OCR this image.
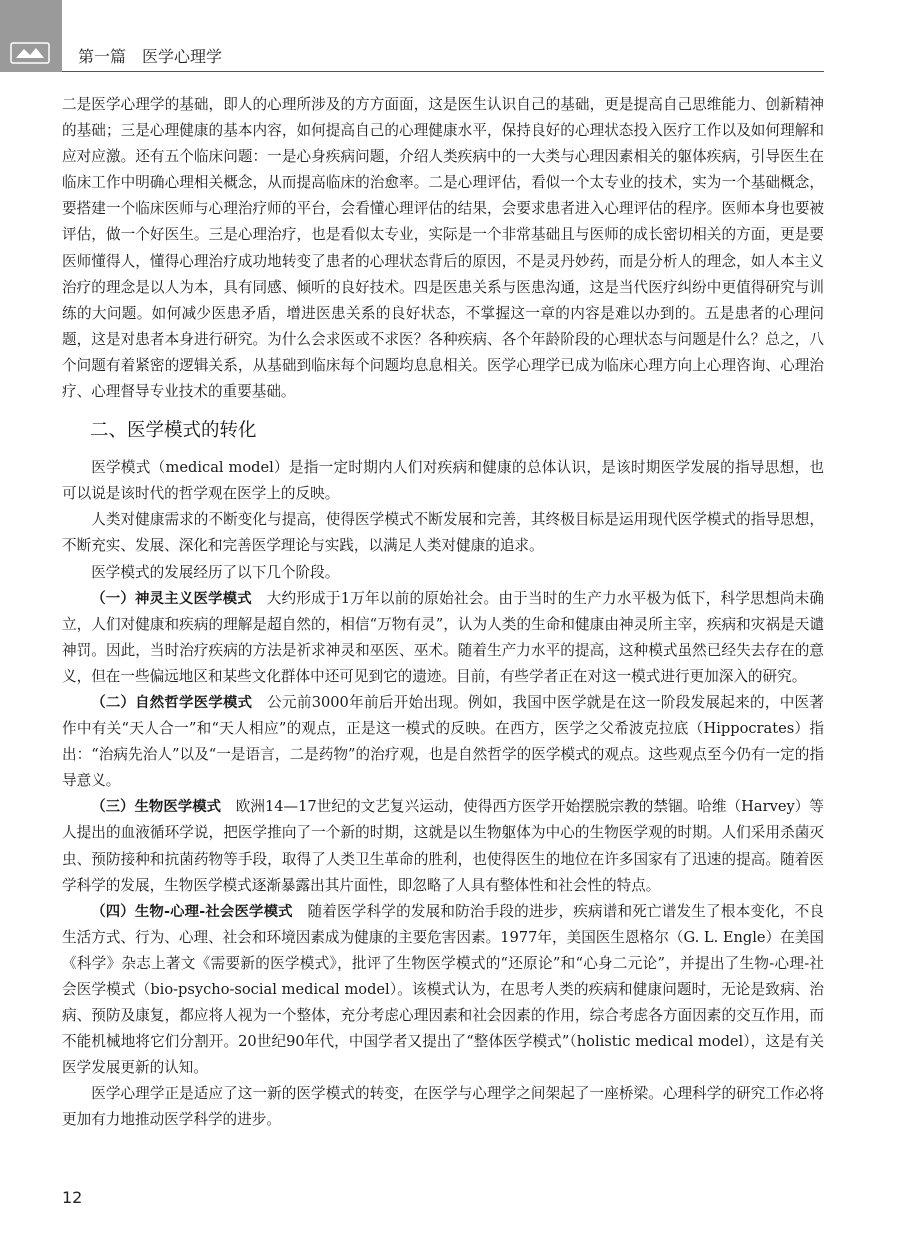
第一篇　医学心理学

二是医学心理学的基础，即人的心理所涉及的方方面面，这是医生认识自己的基础，更是提高自己思维能力、创新精神的基础；三是心理健康的基本内容，如何提高自己的心理健康水平，保持良好的心理状态投入医疗工作以及如何理解和应对应激。还有五个临床问题：一是心身疾病问题，介绍人类疾病中的一大类与心理因素相关的躯体疾病，引导医生在临床工作中明确心理相关概念，从而提高临床的治愈率。二是心理评估，看似一个太专业的技术，实为一个基础概念，要搭建一个临床医师与心理治疗师的平台，会看懂心理评估的结果，会要求患者进入心理评估的程序。医师本身也要被评估，做一个好医生。三是心理治疗，也是看似太专业，实际是一个非常基础且与医师的成长密切相关的方面，更是要医师懂得人，懂得心理治疗成功地转变了患者的心理状态背后的原因，不是灵丹妙药，而是分析人的理念，如人本主义治疗的理念是以人为本，具有同感、倾听的良好技术。四是医患关系与医患沟通，这是当代医疗纠纷中更值得研究与训练的大问题。如何减少医患矛盾，增进医患关系的良好状态，不掌握这一章的内容是难以办到的。五是患者的心理问题，这是对患者本身进行研究。为什么会求医或不求医？各种疾病、各个年龄阶段的心理状态与问题是什么？总之，八个问题有着紧密的逻辑关系，从基础到临床每个问题均息息相关。医学心理学已成为临床心理方向上心理咨询、心理治疗、心理督导专业技术的重要基础。

二、医学模式的转化

医学模式（medical model）是指一定时期内人们对疾病和健康的总体认识，是该时期医学发展的指导思想，也可以说是该时代的哲学观在医学上的反映。

人类对健康需求的不断变化与提高，使得医学模式不断发展和完善，其终极目标是运用现代医学模式的指导思想，不断充实、发展、深化和完善医学理论与实践，以满足人类对健康的追求。

医学模式的发展经历了以下几个阶段。

（一）神灵主义医学模式　 大约形成于1万年以前的原始社会。由于当时的生产力水平极为低下，科学思想尚未确立，人们对健康和疾病的理解是超自然的，相信“万物有灵”，认为人类的生命和健康由神灵所主宰，疾病和灾祸是天谴神罚。因此，当时治疗疾病的方法是祈求神灵和巫医、巫术。随着生产力水平的提高，这种模式虽然已经失去存在的意义，但在一些偏远地区和某些文化群体中还可见到它的遗迹。目前，有些学者正在对这一模式进行更加深入的研究。

（二）自然哲学医学模式　 公元前3000年前后开始出现。例如，我国中医学就是在这一阶段发展起来的，中医著作中有关“天人合一”和“天人相应”的观点，正是这一模式的反映。在西方，医学之父希波克拉底（Hippocrates）指出：“治病先治人”以及“一是语言，二是药物”的治疗观，也是自然哲学的医学模式的观点。这些观点至今仍有一定的指导意义。

（三）生物医学模式　 欧洲14—17世纪的文艺复兴运动，使得西方医学开始摆脱宗教的禁锢。哈维（Harvey）等人提出的血液循环学说，把医学推向了一个新的时期，这就是以生物躯体为中心的生物医学观的时期。人们采用杀菌灭虫、预防接种和抗菌药物等手段，取得了人类卫生革命的胜利，也使得医生的地位在许多国家有了迅速的提高。随着医学科学的发展，生物医学模式逐渐暴露出其片面性，即忽略了人具有整体性和社会性的特点。

（四）生物-心理-社会医学模式　 随着医学科学的发展和防治手段的进步，疾病谱和死亡谱发生了根本变化，不良生活方式、行为、心理、社会和环境因素成为健康的主要危害因素。1977年，美国医生恩格尔（G. L. Engle）在美国《科学》杂志上著文《需要新的医学模式》，批评了生物医学模式的“还原论”和“心身二元论”，并提出了生物-心理-社会医学模式（bio-psycho-social medical model）。该模式认为，在思考人类的疾病和健康问题时，无论是致病、治病、预防及康复，都应将人视为一个整体，充分考虑心理因素和社会因素的作用，综合考虑各方面因素的交互作用，而不能机械地将它们分割开。20世纪90年代，中国学者又提出了“整体医学模式”（holistic medical model），这是有关医学发展更新的认知。

医学心理学正是适应了这一新的医学模式的转变，在医学与心理学之间架起了一座桥梁。心理科学的研究工作必将更加有力地推动医学科学的进步。

12
